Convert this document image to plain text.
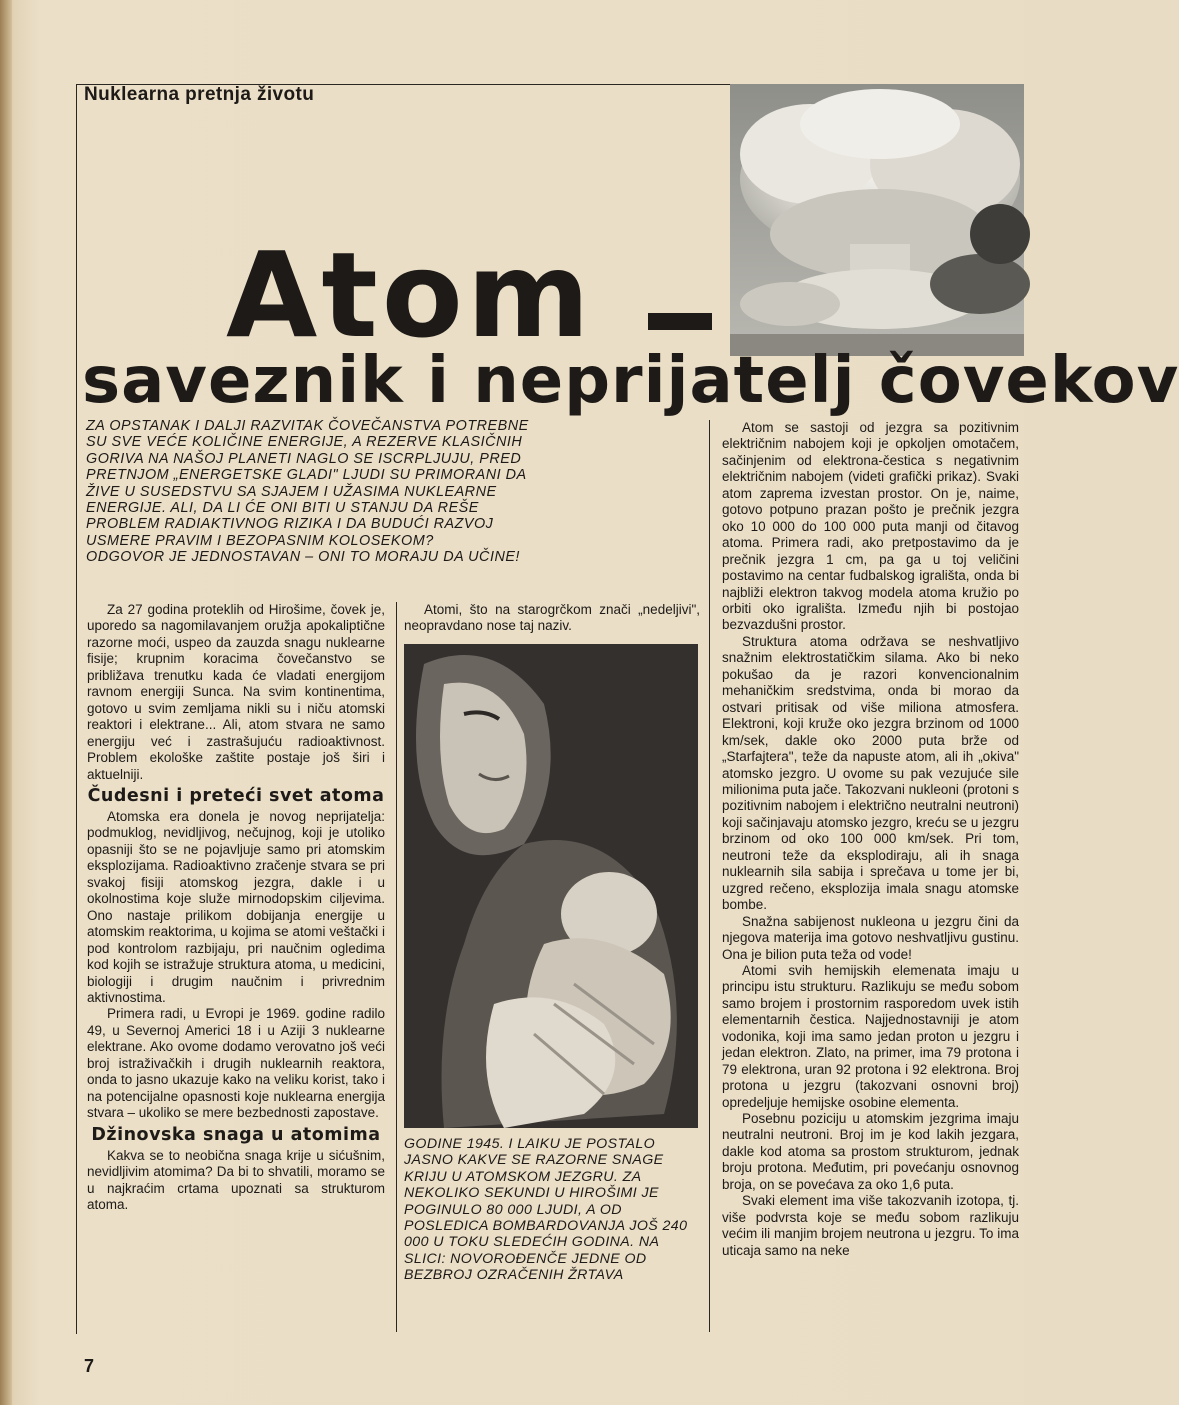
Nuklearna pretnja životu
Atom
saveznik i neprijatelj čovekov

ZA OPSTANAK I DALJI RAZVITAK ČOVEČANSTVA POTREBNE SU SVE VEĆE KOLIČINE ENERGIJE, A REZERVE KLASIČNIH GORIVA NA NAŠOJ PLANETI NAGLO SE ISCRPLJUJU, PRED PRETNJOM „ENERGETSKE GLADI" LJUDI SU PRIMORANI DA ŽIVE U SUSEDSTVU SA SJAJEM I UŽASIMA NUKLEARNE ENERGIJE. ALI, DA LI ĆE ONI BITI U STANJU DA REŠE PROBLEM RADIAKTIVNOG RIZIKA I DA BUDUĆI RAZVOJ USMERE PRAVIM I BEZOPASNIM KOLOSEKOM?

ODGOVOR JE JEDNOSTAVAN – ONI TO MORAJU DA UČINE!

Za 27 godina proteklih od Hirošime, čovek je, uporedo sa nagomilavanjem oružja apokaliptične razorne moći, uspeo da zauzda snagu nuklearne fisije; krupnim koracima čovečanstvo se približava trenutku kada će vladati energijom ravnom energiji Sunca. Na svim kontinentima, gotovo u svim zemljama nikli su i niču atomski reaktori i elektrane... Ali, atom stvara ne samo energiju već i zastrašujuću radioaktivnost. Problem ekološke zaštite postaje još širi i aktuelniji.

Čudesni i preteći svet atoma

Atomska era donela je novog neprijatelja: podmuklog, nevidljivog, nečujnog, koji je utoliko opasniji što se ne pojavljuje samo pri atomskim eksplozijama. Radioaktivno zračenje stvara se pri svakoj fisiji atomskog jezgra, dakle i u okolnostima koje služe mirnodopskim ciljevima. Ono nastaje prilikom dobijanja energije u atomskim reaktorima, u kojima se atomi veštački i pod kontrolom razbijaju, pri naučnim ogledima kod kojih se istražuje struktura atoma, u medicini, biologiji i drugim naučnim i privrednim aktivnostima.

Primera radi, u Evropi je 1969. godine radilo 49, u Severnoj Americi 18 i u Aziji 3 nuklearne elektrane. Ako ovome dodamo verovatno još veći broj istraživačkih i drugih nuklearnih reaktora, onda to jasno ukazuje kako na veliku korist, tako i na potencijalne opasnosti koje nuklearna energija stvara – ukoliko se mere bezbednosti zapostave.

Džinovska snaga u atomima

Kakva se to neobična snaga krije u sićušnim, nevidljivim atomima? Da bi to shvatili, moramo se u najkraćim crtama upoznati sa strukturom atoma.

Atomi, što na starogrčkom znači „nedeljivi", neopravdano nose taj naziv.

GODINE 1945. I LAIKU JE POSTALO JASNO KAKVE SE RAZORNE SNAGE KRIJU U ATOMSKOM JEZGRU. ZA NEKOLIKO SEKUNDI U HIROŠIMI JE POGINULO 80 000 LJUDI, A OD POSLEDICA BOMBARDOVANJA JOŠ 240 000 U TOKU SLEDEĆIH GODINA. NA SLICI: NOVOROĐENČE JEDNE OD BEZBROJ OZRAČENIH ŽRTAVA

Atom se sastoji od jezgra sa pozitivnim električnim nabojem koji je opkoljen omotačem, sačinjenim od elektrona-čestica s negativnim električnim nabojem (videti grafički prikaz). Svaki atom zaprema izvestan prostor. On je, naime, gotovo potpuno prazan pošto je prečnik jezgra oko 10 000 do 100 000 puta manji od čitavog atoma. Primera radi, ako pretpostavimo da je prečnik jezgra 1 cm, pa ga u toj veličini postavimo na centar fudbalskog igrališta, onda bi najbliži elektron takvog modela atoma kružio po orbiti oko igrališta. Između njih bi postojao bezvazdušni prostor.

Struktura atoma održava se neshvatljivo snažnim elektrostatičkim silama. Ako bi neko pokušao da je razori konvencionalnim mehaničkim sredstvima, onda bi morao da ostvari pritisak od više miliona atmosfera. Elektroni, koji kruže oko jezgra brzinom od 1000 km/sek, dakle oko 2000 puta brže od „Starfajtera", teže da napuste atom, ali ih „okiva" atomsko jezgro. U ovome su pak vezujuće sile milionima puta jače. Takozvani nukleoni (protoni s pozitivnim nabojem i električno neutralni neutroni) koji sačinjavaju atomsko jezgro, kreću se u jezgru brzinom od oko 100 000 km/sek. Pri tom, neutroni teže da eksplodiraju, ali ih snaga nuklearnih sila sabija i sprečava u tome jer bi, uzgred rečeno, eksplozija imala snagu atomske bombe.

Snažna sabijenost nukleona u jezgru čini da njegova materija ima gotovo neshvatljivu gustinu. Ona je bilion puta teža od vode!

Atomi svih hemijskih elemenata imaju u principu istu strukturu. Razlikuju se među sobom samo brojem i prostornim rasporedom uvek istih elementarnih čestica. Najjednostavniji je atom vodonika, koji ima samo jedan proton u jezgru i jedan elektron. Zlato, na primer, ima 79 protona i 79 elektrona, uran 92 protona i 92 elektrona. Broj protona u jezgru (takozvani osnovni broj) opredeljuje hemijske osobine elementa.

Posebnu poziciju u atomskim jezgrima imaju neutralni neutroni. Broj im je kod lakih jezgara, dakle kod atoma sa prostom strukturom, jednak broju protona. Međutim, pri povećanju osnovnog broja, on se povećava za oko 1,6 puta.

Svaki element ima više takozvanih izotopa, tj. više podvrsta koje se među sobom razlikuju većim ili manjim brojem neutrona u jezgru. To ima uticaja samo na neke

7
